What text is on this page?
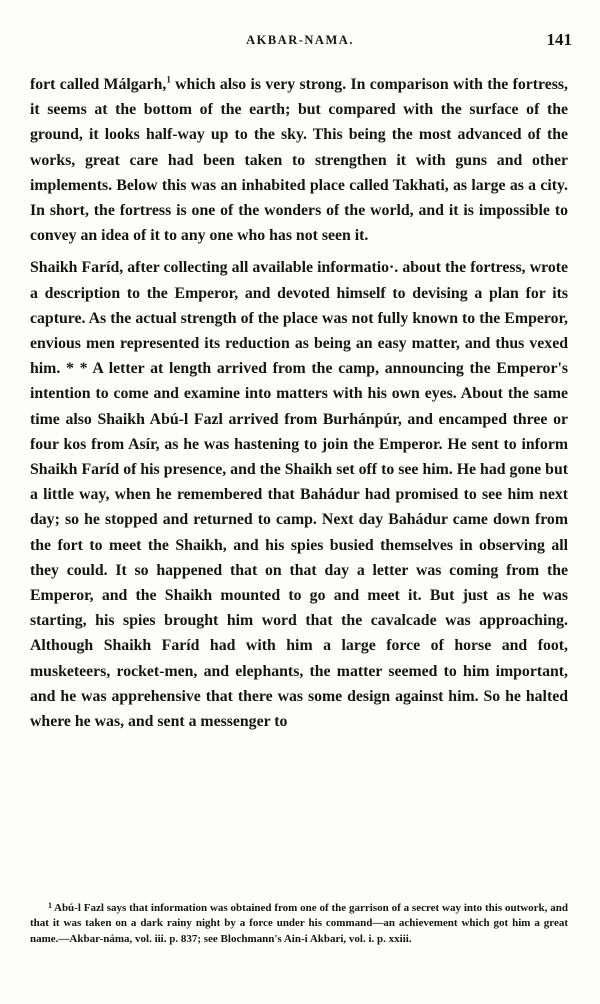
AKBAR-NAMA.	141

fort called Málgarh,$^1$ which also is very strong. In comparison with the fortress, it seems at the bottom of the earth; but compared with the surface of the ground, it looks half-way up to the sky. This being the most advanced of the works, great care had been taken to strengthen it with guns and other implements. Below this was an inhabited place called Takhati, as large as a city. In short, the fortress is one of the wonders of the world, and it is impossible to convey an idea of it to any one who has not seen it.

Shaikh Faríd, after collecting all available informatio·. about the fortress, wrote a description to the Emperor, and devoted himself to devising a plan for its capture. As the actual strength of the place was not fully known to the Emperor, envious men represented its reduction as being an easy matter, and thus vexed him. * * A letter at length arrived from the camp, announcing the Emperor's intention to come and examine into matters with his own eyes. About the same time also Shaikh Abú-l Fazl arrived from Burhánpúr, and encamped three or four kos from Asír, as he was hastening to join the Emperor. He sent to inform Shaikh Faríd of his presence, and the Shaikh set off to see him. He had gone but a little way, when he remembered that Bahádur had promised to see him next day; so he stopped and returned to camp. Next day Bahádur came down from the fort to meet the Shaikh, and his spies busied themselves in observing all they could. It so happened that on that day a letter was coming from the Emperor, and the Shaikh mounted to go and meet it. But just as he was starting, his spies brought him word that the cavalcade was approaching. Although Shaikh Faríd had with him a large force of horse and foot, musketeers, rocket-men, and elephants, the matter seemed to him important, and he was apprehensive that there was some design against him. So he halted where he was, and sent a messenger to

$^1$ Abú-l Fazl says that information was obtained from one of the garrison of a secret way into this outwork, and that it was taken on a dark rainy night by a force under his command—an achievement which got him a great name.—Akbar-náma, vol. iii. p. 837; see Blochmann's Ain-i Akbari, vol. i. p. xxiii.
